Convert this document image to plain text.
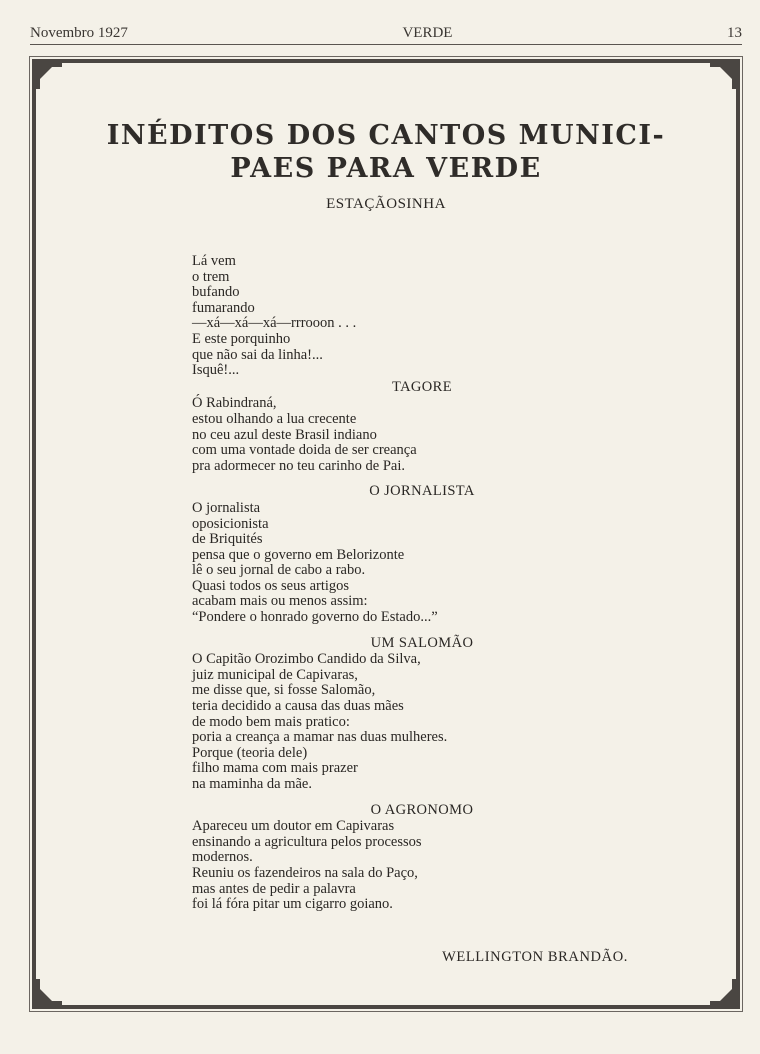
Novembro 1927	VERDE	13
INÉDITOS DOS CANTOS MUNICI-
PAES PARA VERDE
ESTAÇÃOSINHA
Lá vem
o trem
bufando
fumarando
—xá—xá—xá—rrrooon . . .
E este porquinho
que não sai da linha!...
Isquê!...
TAGORE
Ó Rabindraná,
estou olhando a lua crecente
no ceu azul deste Brasil indiano
com uma vontade doida de ser creança
pra adormecer no teu carinho de Pai.
O JORNALISTA
O jornalista
oposicionista
de Briquités
pensa que o governo em Belorizonte
lê o seu jornal de cabo a rabo.
Quasi todos os seus artigos
acabam mais ou menos assim:
“Pondere o honrado governo do Estado...”
UM SALOMÃO
O Capitão Orozimbo Candido da Silva,
juiz municipal de Capivaras,
me disse que, si fosse Salomão,
teria decidido a causa das duas mães
de modo bem mais pratico:
poria a creança a mamar nas duas mulheres.
Porque (teoria dele)
filho mama com mais prazer
na maminha da mãe.
O AGRONOMO
Apareceu um doutor em Capivaras
ensinando a agricultura pelos processos
modernos.
Reuniu os fazendeiros na sala do Paço,
mas antes de pedir a palavra
foi lá fóra pitar um cigarro goiano.
WELLINGTON BRANDÃO.
